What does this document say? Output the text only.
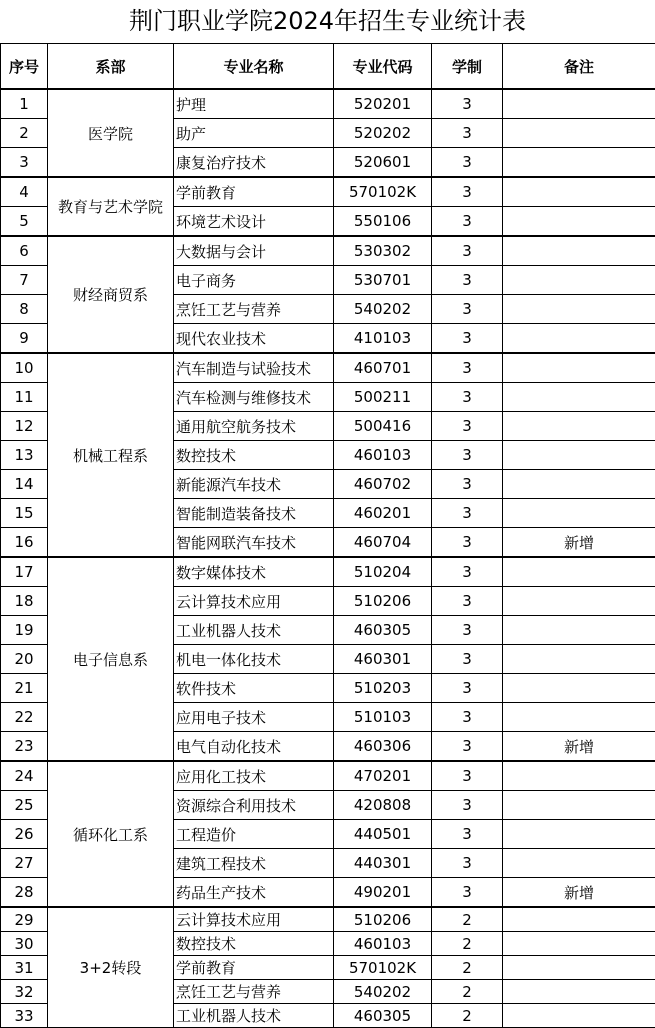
荆门职业学院2024年招生专业统计表
序号	系部	专业名称	专业代码	学制	备注
1	医学院	护理	520201	3	
2		助产	520202	3	
3		康复治疗技术	520601	3	
4	教育与艺术学院	学前教育	570102K	3	
5		环境艺术设计	550106	3	
6	财经商贸系	大数据与会计	530302	3	
7		电子商务	530701	3	
8		烹饪工艺与营养	540202	3	
9		现代农业技术	410103	3	
10	机械工程系	汽车制造与试验技术	460701	3	
11		汽车检测与维修技术	500211	3	
12		通用航空航务技术	500416	3	
13		数控技术	460103	3	
14		新能源汽车技术	460702	3	
15		智能制造装备技术	460201	3	
16		智能网联汽车技术	460704	3	新增
17	电子信息系	数字媒体技术	510204	3	
18		云计算技术应用	510206	3	
19		工业机器人技术	460305	3	
20		机电一体化技术	460301	3	
21		软件技术	510203	3	
22		应用电子技术	510103	3	
23		电气自动化技术	460306	3	新增
24	循环化工系	应用化工技术	470201	3	
25		资源综合利用技术	420808	3	
26		工程造价	440501	3	
27		建筑工程技术	440301	3	
28		药品生产技术	490201	3	新增
29	3+2转段	云计算技术应用	510206	2	
30		数控技术	460103	2	
31		学前教育	570102K	2	
32		烹饪工艺与营养	540202	2	
33		工业机器人技术	460305	2	
